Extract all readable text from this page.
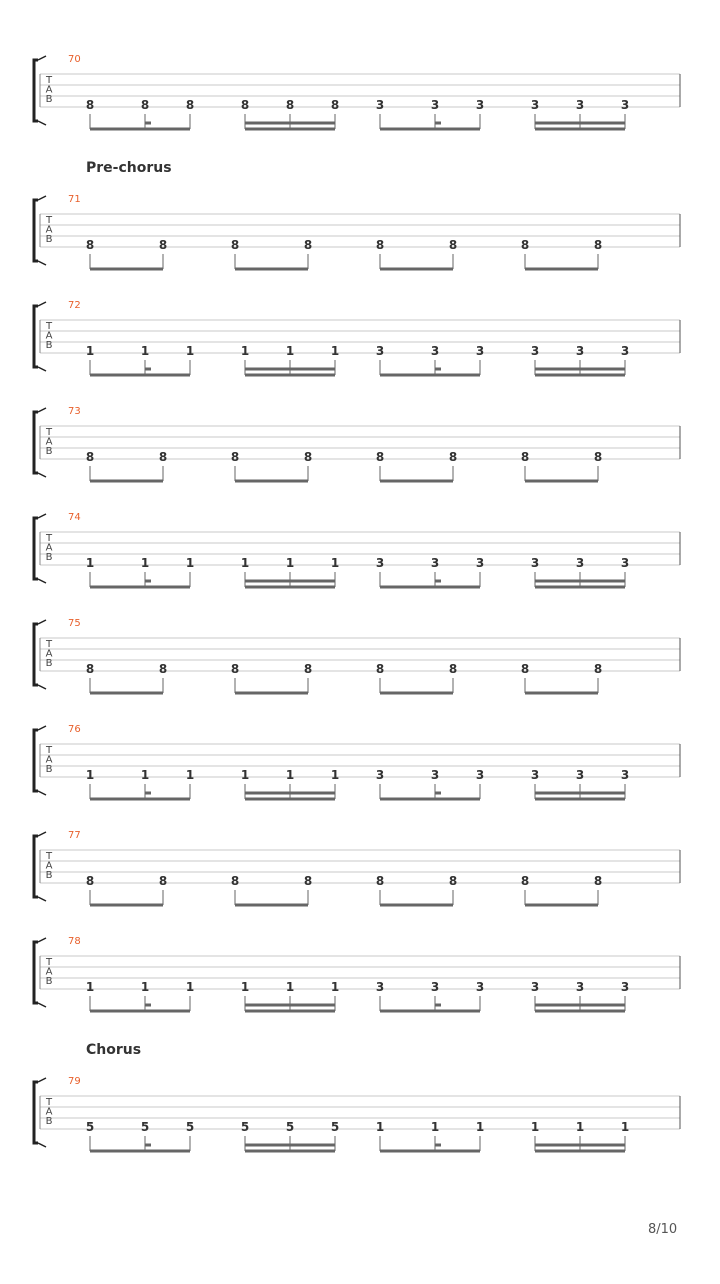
T
A
B
70
8	8	8	8	8	8	3	3	3	3	3	3
T
A
B
71
8	8	8	8	8	8	8	8
T
A
B
72
1	1	1	1	1	1	3	3	3	3	3	3
T
A
B
73
8	8	8	8	8	8	8	8
T
A
B
74
1	1	1	1	1	1	3	3	3	3	3	3
T
A
B
75
8	8	8	8	8	8	8	8
T
A
B
76
1	1	1	1	1	1	3	3	3	3	3	3
T
A
B
77
8	8	8	8	8	8	8	8
T
A
B
78
1	1	1	1	1	1	3	3	3	3	3	3
T
A
B
79
5	5	5	5	5	5	1	1	1	1	1	1
Pre-chorus
Chorus
8/10
